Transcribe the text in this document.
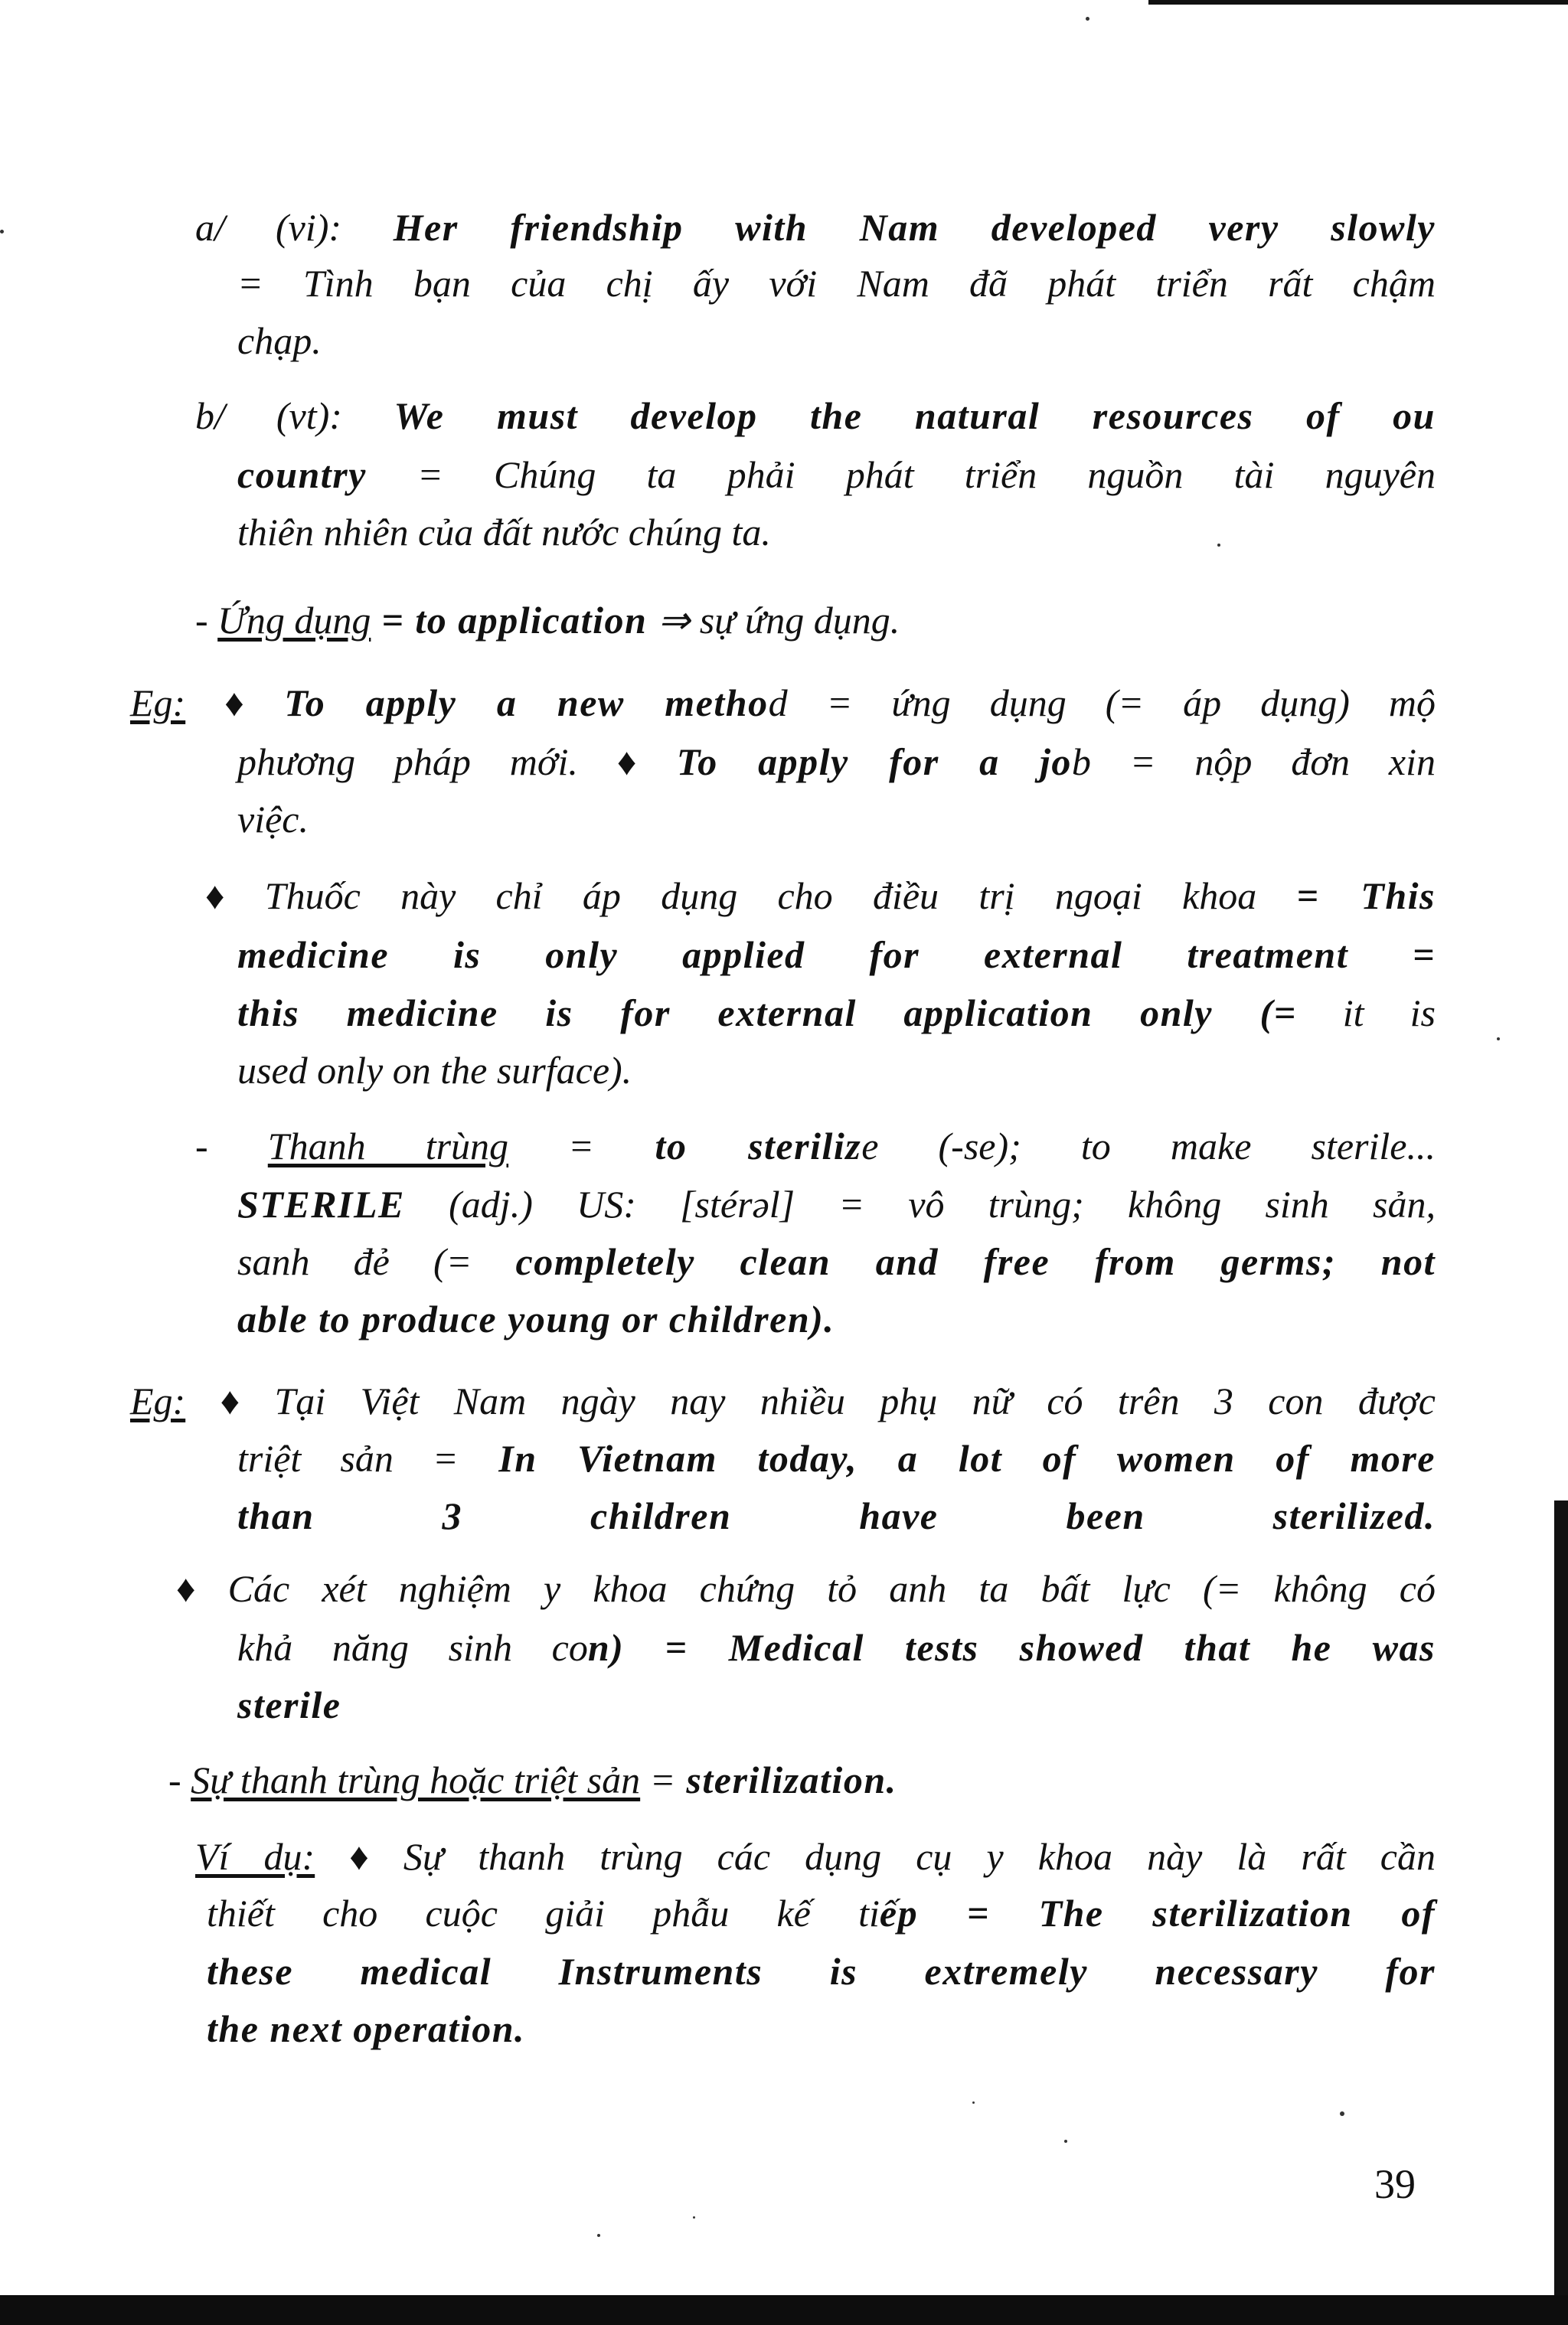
a/ (vi): Her friendship with Nam developed very slowly
= Tình bạn của chị ấy với Nam đã phát triển rất chậm
chạp.
b/ (vt): We must develop the natural resources of ou
country = Chúng ta phải phát triển nguồn tài nguyên
thiên nhiên của đất nước chúng ta.
- Ứng dụng = to application ⇒ sự ứng dụng.
Eg: ♦ To apply a new method = ứng dụng (= áp dụng) mộ
phương pháp mới. ♦ To apply for a job = nộp đơn xin
việc.
♦ Thuốc này chỉ áp dụng cho điều trị ngoại khoa = This
medicine is only applied for external treatment =
this medicine is for external application only (= it is
used only on the surface).
- Thanh trùng = to sterilize (-se); to make sterile...
STERILE (adj.) US: [stérəl] = vô trùng; không sinh sản,
sanh đẻ (= completely clean and free from germs; not
able to produce young or children).
Eg: ♦ Tại Việt Nam ngày nay nhiều phụ nữ có trên 3 con được
triệt sản = In Vietnam today, a lot of women of more
than 3 children have been sterilized.
♦ Các xét nghiệm y khoa chứng tỏ anh ta bất lực (= không có
khả năng sinh con) = Medical tests showed that he was
sterile
- Sự thanh trùng hoặc triệt sản = sterilization.
Ví dụ: ♦ Sự thanh trùng các dụng cụ y khoa này là rất cần
thiết cho cuộc giải phẫu kế tiếp = The sterilization of
these medical Instruments is extremely necessary for
the next operation.
39
